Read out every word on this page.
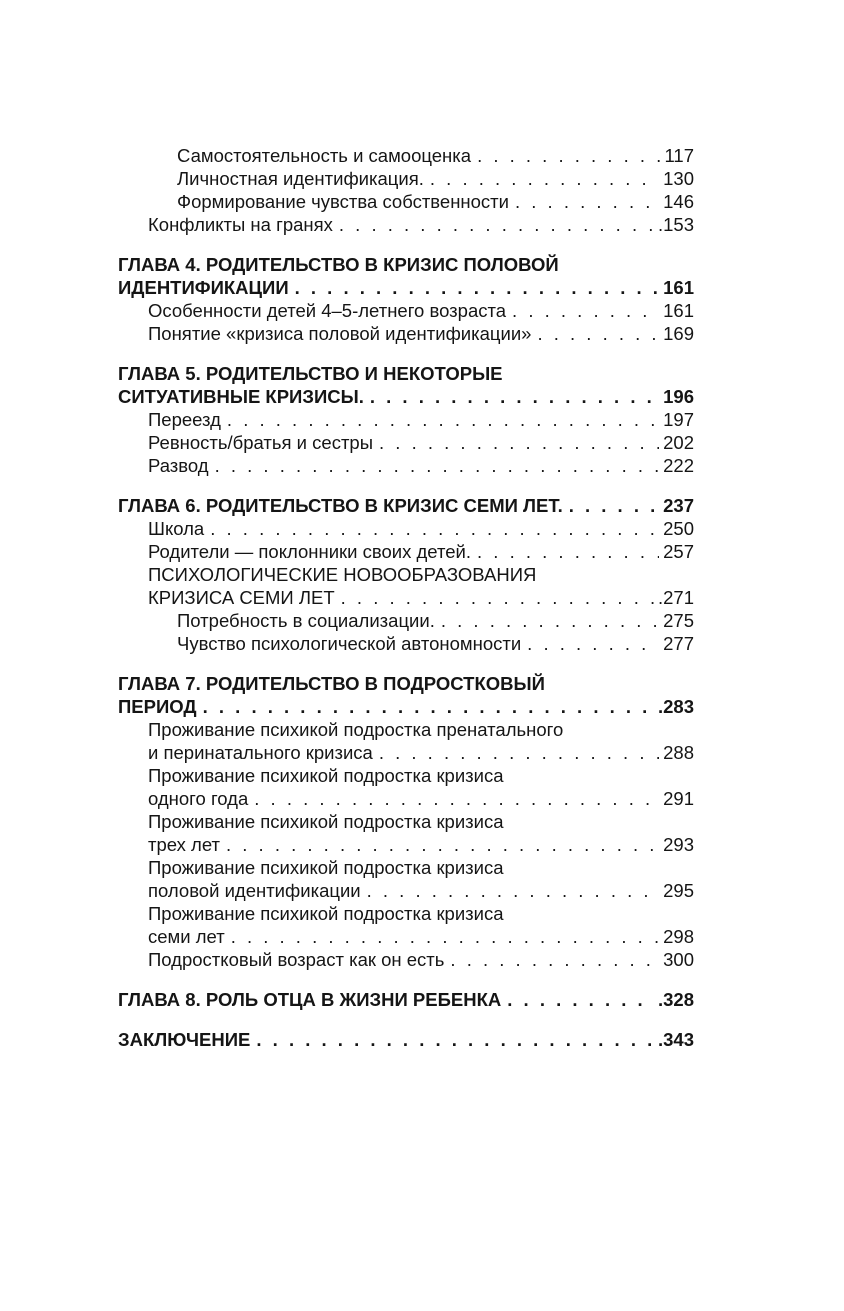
Самостоятельность и самооценка . . .	117
Личностная идентификация. . . .	130
Формирование чувства собственности . . .	146
Конфликты на гранях . . .	.153
ГЛАВА 4. РОДИТЕЛЬСТВО В КРИЗИС ПОЛОВОЙ
ИДЕНТИФИКАЦИИ . . .	161
Особенности детей 4–5-летнего возраста . . .	161
Понятие «кризиса половой идентификации» . . .	169
ГЛАВА 5. РОДИТЕЛЬСТВО И НЕКОТОРЫЕ
СИТУАТИВНЫЕ КРИЗИСЫ. . . .	196
Переезд . . .	197
Ревность/братья и сестры . . .	202
Развод . . .	222
ГЛАВА 6. РОДИТЕЛЬСТВО В КРИЗИС СЕМИ ЛЕТ. . . .	237
Школа . . .	250
Родители — поклонники своих детей. . . .	257
ПСИХОЛОГИЧЕСКИЕ НОВООБРАЗОВАНИЯ
КРИЗИСА СЕМИ ЛЕТ . . .	.271
Потребность в социализации. . . .	275
Чувство психологической автономности . . .	277
ГЛАВА 7. РОДИТЕЛЬСТВО В ПОДРОСТКОВЫЙ
ПЕРИОД . . .	.283
Проживание психикой подростка пренатального
и перинатального кризиса . . .	288
Проживание психикой подростка кризиса
одного года . . .	291
Проживание психикой подростка кризиса
трех лет . . .	293
Проживание психикой подростка кризиса
половой идентификации . . .	295
Проживание психикой подростка кризиса
семи лет . . .	298
Подростковый возраст как он есть . . .	300
ГЛАВА 8. РОЛЬ ОТЦА В ЖИЗНИ РЕБЕНКА . . .	.328
ЗАКЛЮЧЕНИЕ . . .	.343
